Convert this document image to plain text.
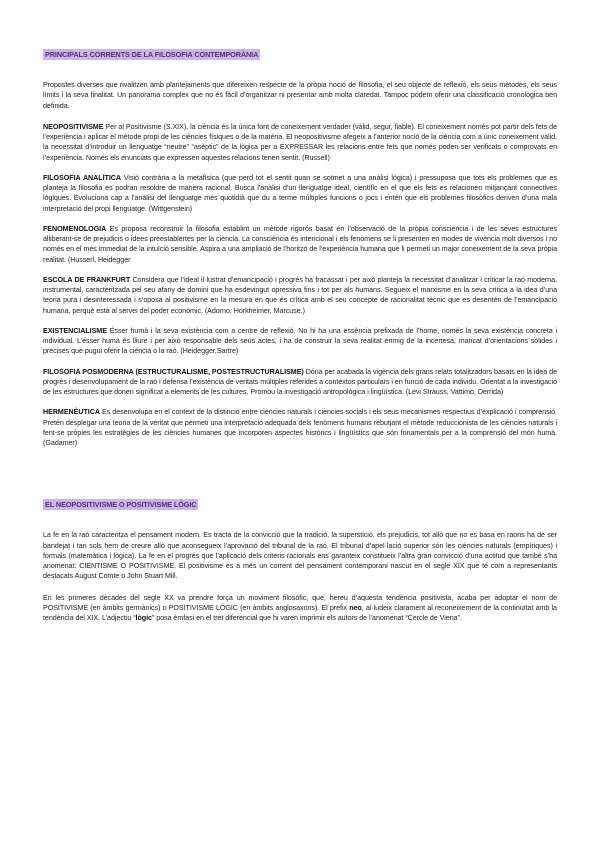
PRINCIPALS CORRENTS DE LA FILOSOFIA CONTEMPORÀNIA

Propostes diverses que rivalitzen amb plantejaments que difereixen respecte de la pròpia noció de filosofia, el seu objecte de reflexió, els seus mètodes, els seus límits i la seva finalitat. Un panorama complex que no és fàcil d’organitzar ni presentar amb molta claredat. Tampoc podem oferir una classificació cronològica ben definida.

NEOPOSITIVISME Per al Positivisme (S.XIX), la ciència és la única font de coneixement verdader (vàlid, segur, fiable). El coneixement només pot partir dels fets de l’experiència i aplicar el mètode propi de les ciències físiques o de la matèria. El neopositivisme afegeix a l’anterior noció de la ciència com a únic coneixement vàlid, la necessitat d’introduir un llenguatge “neutre” “asèptic” de la lògica per a EXPRESSAR les relacions entre fets que només poden ser verificats o comprovats en l’experiència. Només els enunciats que expressen aquestes relacions tenen sentit. (Russell)

FILOSOFIA ANALÍTICA Visió contrària a la metafísica (que perd tot el sentit quan se sotmet a una anàlisi lògica) i pressuposa que tots els problemes que es planteja la filosofia es podran resoldre de manera racional. Busca l’anàlisi d’un llenguatge ideal, científic en el que els fets es relacionen mitjançant connectives lògiques. Evoluciona cap a l’anàlisi del llenguatge més quotidià que du a terme múltiples funcions o jocs i entén que els problemes filosòfics deriven d’una mala interpretació del propi llenguatge. (Wittgenstein)

FENOMENOLOGIA Es proposa reconstruir la filosofia establint un mètode rigorós basat en l’observació de la pròpia consciència i de les seves estructures alliberant-se de prejudicis o idees preestablertes per la ciència. La consciència és intencional i els fenòmens se li presenten en modes de vivència molt diversos i no només en el més immediat de la intuïció sensible. Aspira a una ampliació de l’horitzó de l’experiència humana que li permeti un major coneixement de la seva pròpia realitat. (Husserl, Heidegger

ESCOLA DE FRANKFURT Considera que l’ideal il·lustrat d’emancipació i progrés ha fracassat i per això planteja la necessitat d’analitzar i criticar la raó moderna, instrumental, caracteritzada pel seu afany de domini que ha esdevingut opressiva fins i tot per als humans. Segueix el marxisme en la seva crítica a la idea d’una teoria pura i desinteressada i s’oposa al positivisme en la mesura en que és crítica amb el seu concepte de racionalitat tècnic que es desentén de l’emancipació humana, perquè està al servei del poder econòmic. (Adorno, Horkheimer, Marcuse.)

EXISTENCIALISME Ésser humà i la seva existència com a centre de reflexió. No hi ha una essència prefixada de l’home, només la seva existència concreta i individual. L’ésser humà és lliure i per això responsable dels seus actes, i ha de construir la seva realitat enmig de la incertesa, mancat d’orientacions sòlides i precises que pugui oferir la ciència o la raó. (Heidegger,Sartre)

FILOSOFIA POSMODERNA (ESTRUCTURALISME, POSTESTRUCTURALISME) Dóna per acabada la vigència dels grans relats totalitzadors basats en la idea de progrés i desenvolupament de la raó i defensa l’existència de veritats múltiples referides a contextos particulars i en funció de cada individu. Orientat a la investigació de les estructures que donen significat a elements de les cultures. Promou la investigació antropològica i lingüística. (Levi Strauss, Vattimo, Derrida)

HERMENÈUTICA Es desenvolupa en el context de la distinció entre ciències naturals i ciències socials i els seus mecanismes respectius d’explicació i comprensió. Pretén desplegar una teoria de la veritat que permeti una interpretació adequada dels fenòmens humans rebutjant el mètode reduccionista de les ciències naturals i fent-se pròpies les estratègies de les ciències humanes que incorporen aspectes històrics i lingüístics que són fonamentals per a la comprensió del món humà. (Gadamer)

EL NEOPOSITIVISME O POSITIVISME LÒGIC

La fe en la raó caracteritza el pensament modern. Es tracta de la convicció que la tradició, la superstició, els prejudicis, tot allò que no es basa en raons ha de ser bandejat i tan sols hem de creure allò que aconsegueix l’aprovació del tribunal de la raó. El tribunal d’apel·lació superior són les ciències naturals (empíriques) i formals (matemàtica i lògica). La fe en el progrés que l’aplicació dels criteris racionals ens garanteix constitueix l’altra gran convicció d’una actitud que també s’ha anomenat: CIENTISME O POSITIVISME. El positivisme és a més un corrent del pensament contemporani nascut en el segle XIX que té com a representants destacats August Comte o John Stuart Mill.

En les primeres dècades del segle XX va prendre força un moviment filosòfic, que, hereu d’aquesta tendència positivista, acaba per adoptar el nom de POSITIVISME (en àmbits germànics) o POSITIVISME LÒGIC (en àmbits anglosaxons). El prefix neo, al·ludeix clarament al reconeixement de la continuïtat amb la tendència del XIX. L’adjectiu “lògic” posa èmfasi en el tret diferencial que hi varen imprimir els autors de l’anomenat “Cercle de Viena”.
